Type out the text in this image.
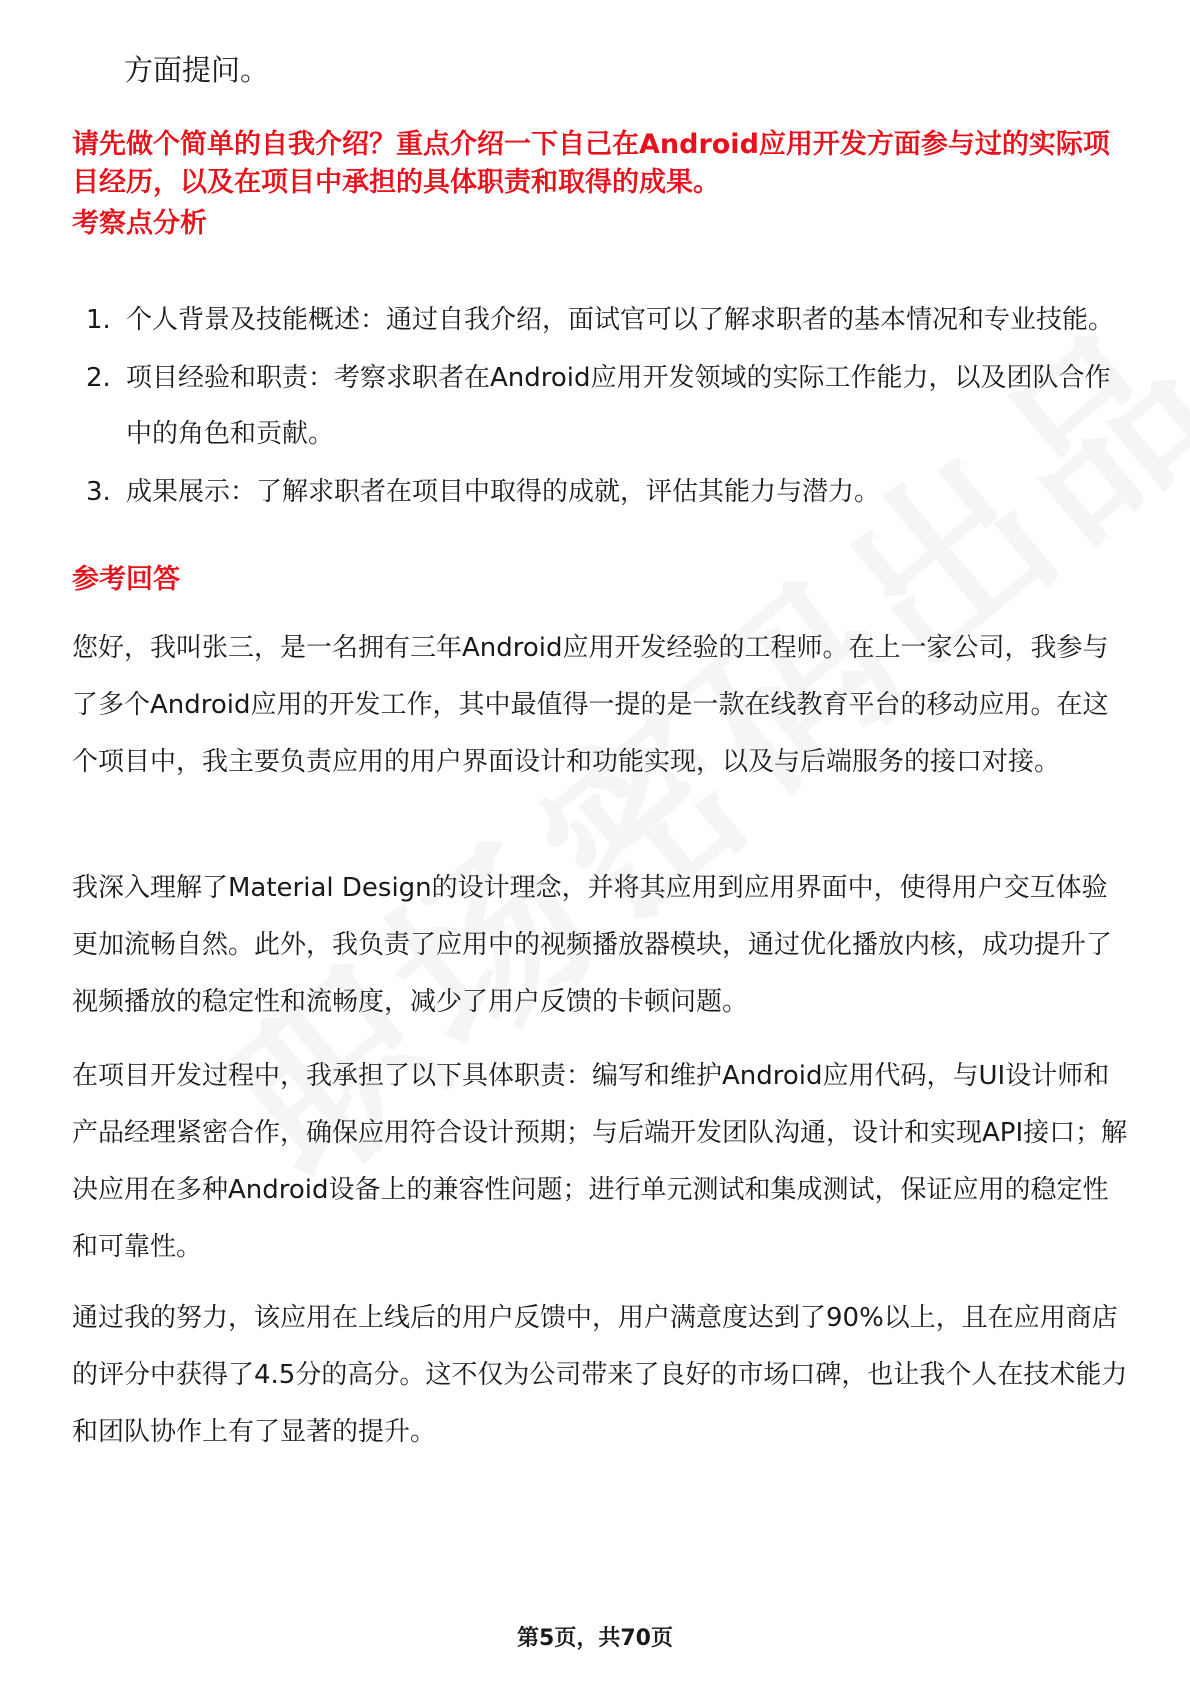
方面提问。
请先做个简单的自我介绍？重点介绍一下自己在Android应用开发方面参与过的实际项目经历，以及在项目中承担的具体职责和取得的成果。
考察点分析
1. 个人背景及技能概述：通过自我介绍，面试官可以了解求职者的基本情况和专业技能。
2. 项目经验和职责：考察求职者在Android应用开发领域的实际工作能力，以及团队合作中的角色和贡献。
3. 成果展示：了解求职者在项目中取得的成就，评估其能力与潜力。
参考回答

您好，我叫张三，是一名拥有三年Android应用开发经验的工程师。在上一家公司，我参与了多个Android应用的开发工作，其中最值得一提的是一款在线教育平台的移动应用。在这个项目中，我主要负责应用的用户界面设计和功能实现，以及与后端服务的接口对接。

我深入理解了Material Design的设计理念，并将其应用到应用界面中，使得用户交互体验更加流畅自然。此外，我负责了应用中的视频播放器模块，通过优化播放内核，成功提升了视频播放的稳定性和流畅度，减少了用户反馈的卡顿问题。

在项目开发过程中，我承担了以下具体职责：编写和维护Android应用代码，与UI设计师和产品经理紧密合作，确保应用符合设计预期；与后端开发团队沟通，设计和实现API接口；解决应用在多种Android设备上的兼容性问题；进行单元测试和集成测试，保证应用的稳定性和可靠性。

通过我的努力，该应用在上线后的用户反馈中，用户满意度达到了90%以上，且在应用商店的评分中获得了4.5分的高分。这不仅为公司带来了良好的市场口碑，也让我个人在技术能力和团队协作上有了显著的提升。

第5页，共70页
